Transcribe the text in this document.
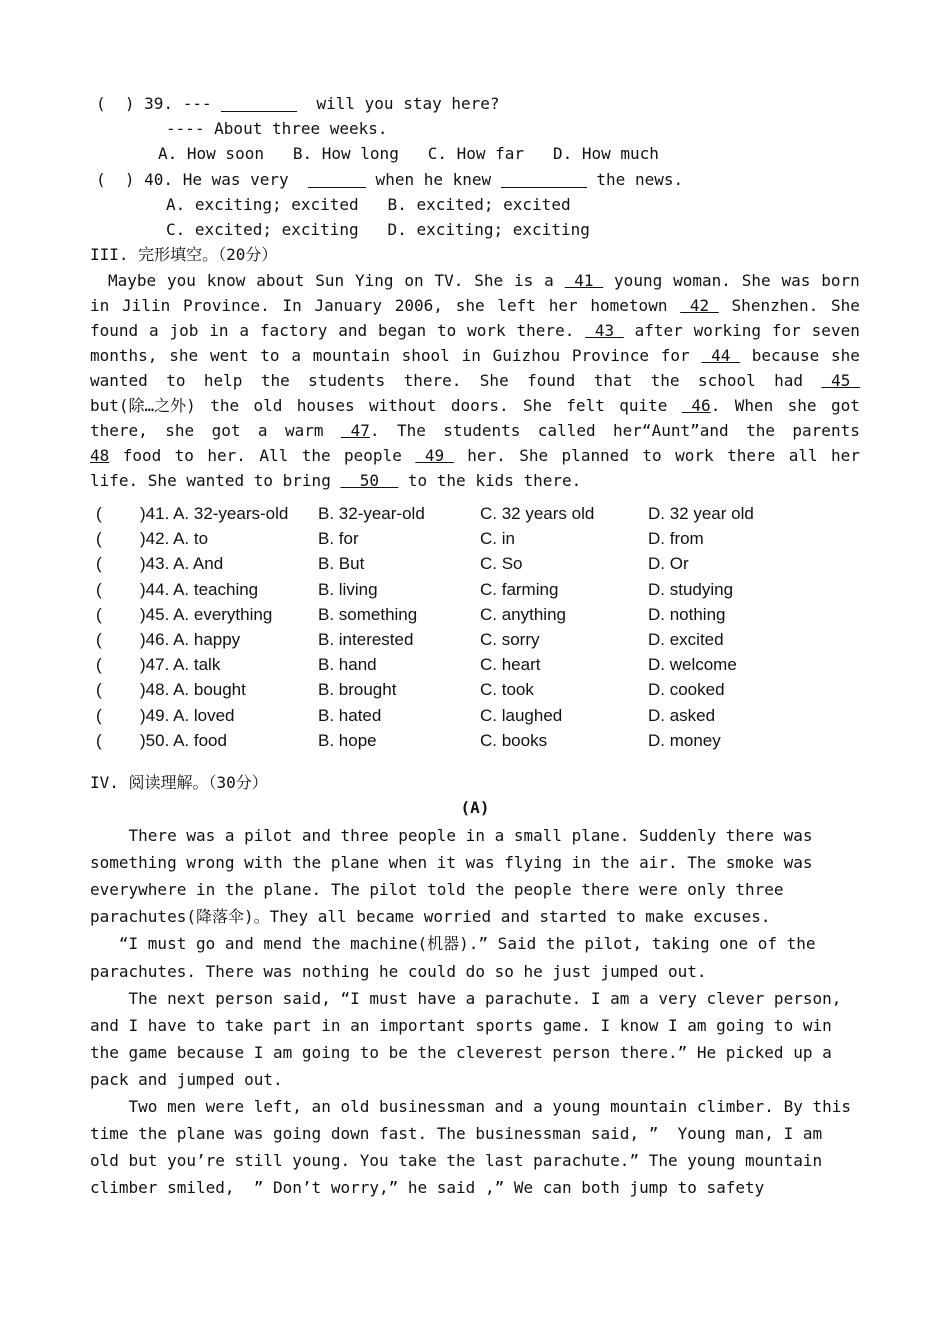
(  ) 39. ---	will you stay here?
---- About three weeks.
A. How soon   B. How long   C. How far   D. How much
(  ) 40. He was very	when he knew	the news.
A. exciting; excited   B. excited; excited
C. excited; exciting   D. exciting; exciting
III. 完形填空。（20分）
Maybe you know about Sun Ying on TV. She is a 41 young woman. She was born
in Jilin Province. In January 2006, she left her hometown 42 Shenzhen. She
found a job in a factory and began to work there. 43 after working for seven
months, she went to a mountain shool in Guizhou Province for 44 because she
wanted to help the students there. She found that the school had 45
but(除…之外) the old houses without doors. She felt quite 46. When she got
there, she got a warm 47. The students called her“Aunt”and the parents
48 food to her. All the people 49 her. She planned to work there all her
life. She wanted to bring   50   to the kids there.
( )41. A. 32-years-old B. 32-year-old	C. 32 years old	D. 32 year old
( )42. A. to	B. for	C. in	D. from
( )43. A. And	B. But	C. So	D. Or
( )44. A. teaching	B. living	C. farming	D. studying
( )45. A. everything	B. something	C. anything	D. nothing
( )46. A. happy	B. interested	C. sorry	D. excited
( )47. A. talk	B. hand	C. heart	D. welcome
( )48. A. bought	B. brought	C. took	D. cooked
( )49. A. loved	B. hated	C. laughed	D. asked
( )50. A. food	B. hope	C. books	D. money
IV. 阅读理解。（30分）
(A)
There was a pilot and three people in a small plane. Suddenly there was
something wrong with the plane when it was flying in the air. The smoke was
everywhere in the plane. The pilot told the people there were only three
parachutes(降落伞)。They all became worried and started to make excuses.
“I must go and mend the machine(机器).” Said the pilot, taking one of the
parachutes. There was nothing he could do so he just jumped out.
The next person said, “I must have a parachute. I am a very clever person,
and I have to take part in an important sports game. I know I am going to win
the game because I am going to be the cleverest person there.” He picked up a
pack and jumped out.
Two men were left, an old businessman and a young mountain climber. By this
time the plane was going down fast. The businessman said, ”  Young man, I am
old but you’re still young. You take the last parachute.” The young mountain
climber smiled,  ” Don’t worry,” he said ,” We can both jump to safety
